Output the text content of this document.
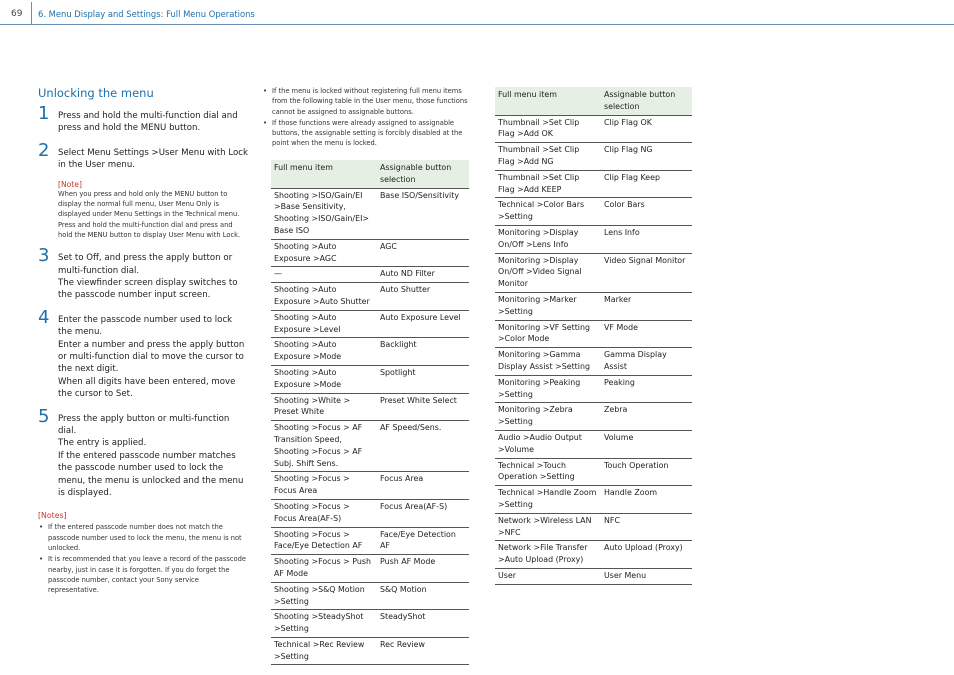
69 6. Menu Display and Settings: Full Menu Operations
Unlocking the menu
1 Press and hold the multi-function dial and press and hold the MENU button.
2 Select Menu Settings >User Menu with Lock in the User menu.
[Note]
When you press and hold only the MENU button to display the normal full menu, User Menu Only is displayed under Menu Settings in the Technical menu. Press and hold the multi-function dial and press and hold the MENU button to display User Menu with Lock.
3 Set to Off, and press the apply button or multi-function dial.
The viewfinder screen display switches to the passcode number input screen.
4 Enter the passcode number used to lock the menu.
Enter a number and press the apply button or multi-function dial to move the cursor to the next digit.
When all digits have been entered, move the cursor to Set.
5 Press the apply button or multi-function dial.
The entry is applied.
If the entered passcode number matches the passcode number used to lock the menu, the menu is unlocked and the menu is displayed.
[Notes]
• If the entered passcode number does not match the passcode number used to lock the menu, the menu is not unlocked.
• It is recommended that you leave a record of the passcode nearby, just in case it is forgotten. If you do forget the passcode number, contact your Sony service representative.
• If the menu is locked without registering full menu items from the following table in the User menu, those functions cannot be assigned to assignable buttons.
• If those functions were already assigned to assignable buttons, the assignable setting is forcibly disabled at the point when the menu is locked.
Full menu item	Assignable button selection
Shooting >ISO/Gain/EI >Base Sensitivity, Shooting >ISO/Gain/EI> Base ISO	Base ISO/Sensitivity
Shooting >Auto Exposure >AGC	AGC
—	Auto ND Filter
Shooting >Auto Exposure >Auto Shutter	Auto Shutter
Shooting >Auto Exposure >Level	Auto Exposure Level
Shooting >Auto Exposure >Mode	Backlight
Shooting >Auto Exposure >Mode	Spotlight
Shooting >White > Preset White	Preset White Select
Shooting >Focus > AF Transition Speed, Shooting >Focus > AF Subj. Shift Sens.	AF Speed/Sens.
Shooting >Focus > Focus Area	Focus Area
Shooting >Focus > Focus Area(AF-S)	Focus Area(AF-S)
Shooting >Focus > Face/Eye Detection AF	Face/Eye Detection AF
Shooting >Focus > Push AF Mode	Push AF Mode
Shooting >S&Q Motion >Setting	S&Q Motion
Shooting >SteadyShot >Setting	SteadyShot
Technical >Rec Review >Setting	Rec Review
Full menu item	Assignable button selection
Thumbnail >Set Clip Flag >Add OK	Clip Flag OK
Thumbnail >Set Clip Flag >Add NG	Clip Flag NG
Thumbnail >Set Clip Flag >Add KEEP	Clip Flag Keep
Technical >Color Bars >Setting	Color Bars
Monitoring >Display On/Off >Lens Info	Lens Info
Monitoring >Display On/Off >Video Signal Monitor	Video Signal Monitor
Monitoring >Marker >Setting	Marker
Monitoring >VF Setting >Color Mode	VF Mode
Monitoring >Gamma Display Assist >Setting	Gamma Display Assist
Monitoring >Peaking >Setting	Peaking
Monitoring >Zebra >Setting	Zebra
Audio >Audio Output >Volume	Volume
Technical >Touch Operation >Setting	Touch Operation
Technical >Handle Zoom >Setting	Handle Zoom
Network >Wireless LAN >NFC	NFC
Network >File Transfer >Auto Upload (Proxy)	Auto Upload (Proxy)
User	User Menu
